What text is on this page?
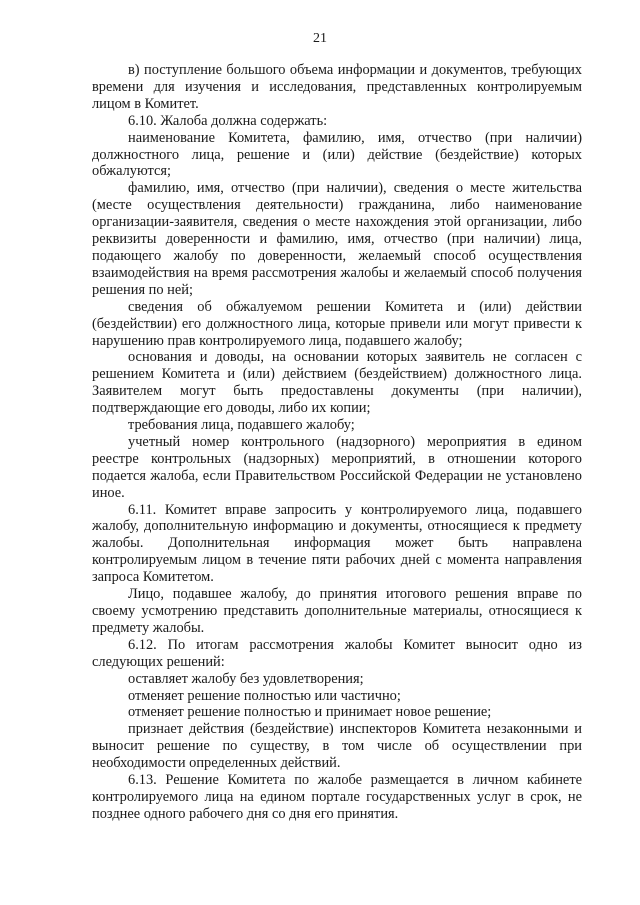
21

в) поступление большого объема информации и документов, требующих времени для изучения и исследования, представленных контролируемым лицом в Комитет.

6.10. Жалоба должна содержать:

наименование Комитета, фамилию, имя, отчество (при наличии) должностного лица, решение и (или) действие (бездействие) которых обжалуются;

фамилию, имя, отчество (при наличии), сведения о месте жительства (месте осуществления деятельности) гражданина, либо наименование организации-заявителя, сведения о месте нахождения этой организации, либо реквизиты доверенности и фамилию, имя, отчество (при наличии) лица, подающего жалобу по доверенности, желаемый способ осуществления взаимодействия на время рассмотрения жалобы и желаемый способ получения решения по ней;

сведения об обжалуемом решении Комитета и (или) действии (бездействии) его должностного лица, которые привели или могут привести к нарушению прав контролируемого лица, подавшего жалобу;

основания и доводы, на основании которых заявитель не согласен с решением Комитета и (или) действием (бездействием) должностного лица. Заявителем могут быть предоставлены документы (при наличии), подтверждающие его доводы, либо их копии;

требования лица, подавшего жалобу;

учетный номер контрольного (надзорного) мероприятия в едином реестре контрольных (надзорных) мероприятий, в отношении которого подается жалоба, если Правительством Российской Федерации не установлено иное.

6.11. Комитет вправе запросить у контролируемого лица, подавшего жалобу, дополнительную информацию и документы, относящиеся к предмету жалобы. Дополнительная информация может быть направлена контролируемым лицом в течение пяти рабочих дней с момента направления запроса Комитетом.

Лицо, подавшее жалобу, до принятия итогового решения вправе по своему усмотрению представить дополнительные материалы, относящиеся к предмету жалобы.

6.12. По итогам рассмотрения жалобы Комитет выносит одно из следующих решений:

оставляет жалобу без удовлетворения;

отменяет решение полностью или частично;

отменяет решение полностью и принимает новое решение;

признает действия (бездействие) инспекторов Комитета незаконными и выносит решение по существу, в том числе об осуществлении при необходимости определенных действий.

6.13. Решение Комитета по жалобе размещается в личном кабинете контролируемого лица на едином портале государственных услуг в срок, не позднее одного рабочего дня со дня его принятия.
